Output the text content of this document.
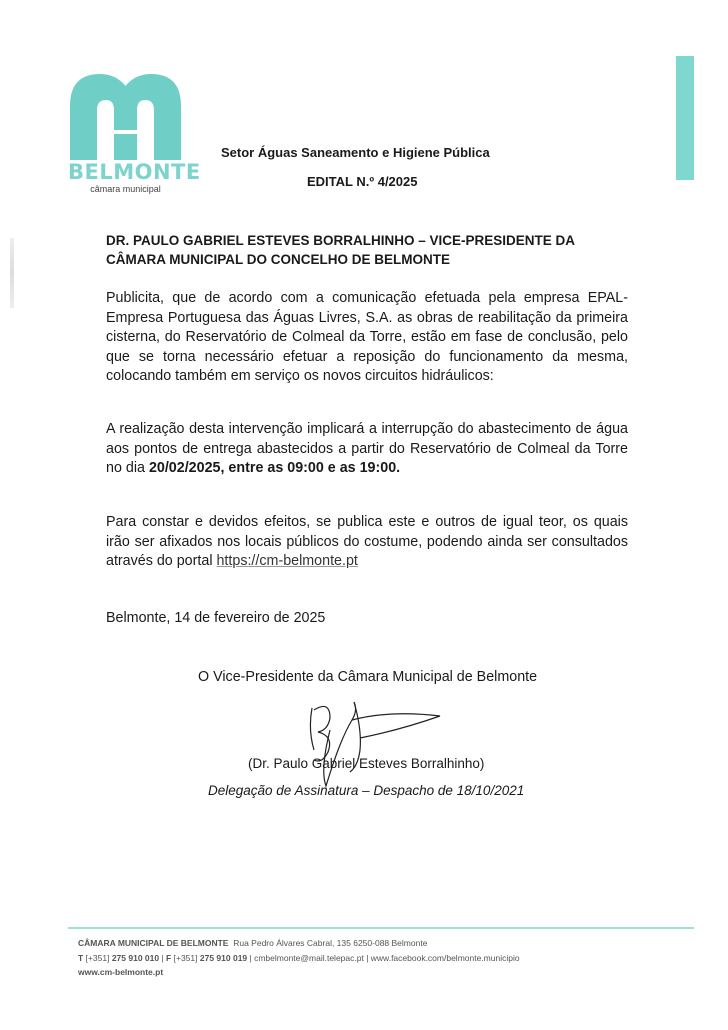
BELMONTE
câmara municipal
Setor Águas Saneamento e Higiene Pública
EDITAL N.º 4/2025
DR. PAULO GABRIEL ESTEVES BORRALHINHO – VICE-PRESIDENTE DA CÂMARA MUNICIPAL DO CONCELHO DE BELMONTE
Publicita, que de acordo com a comunicação efetuada pela empresa EPAL-Empresa Portuguesa das Águas Livres, S.A. as obras de reabilitação da primeira cisterna, do Reservatório de Colmeal da Torre, estão em fase de conclusão, pelo que se torna necessário efetuar a reposição do funcionamento da mesma, colocando também em serviço os novos circuitos hidráulicos:
A realização desta intervenção implicará a interrupção do abastecimento de água aos pontos de entrega abastecidos a partir do Reservatório de Colmeal da Torre no dia 20/02/2025, entre as 09:00 e as 19:00.
Para constar e devidos efeitos, se publica este e outros de igual teor, os quais irão ser afixados nos locais públicos do costume, podendo ainda ser consultados através do portal https://cm-belmonte.pt
Belmonte, 14 de fevereiro de 2025
O Vice-Presidente da Câmara Municipal de Belmonte
(Dr. Paulo Gabriel Esteves Borralhinho)
Delegação de Assinatura – Despacho de 18/10/2021
CÂMARA MUNICIPAL DE BELMONTE Rua Pedro Álvares Cabral, 135 6250-088 Belmonte
T [+351] 275 910 010 | F [+351] 275 910 019 | cmbelmonte@mail.telepac.pt | www.facebook.com/belmonte.municipio
www.cm-belmonte.pt
